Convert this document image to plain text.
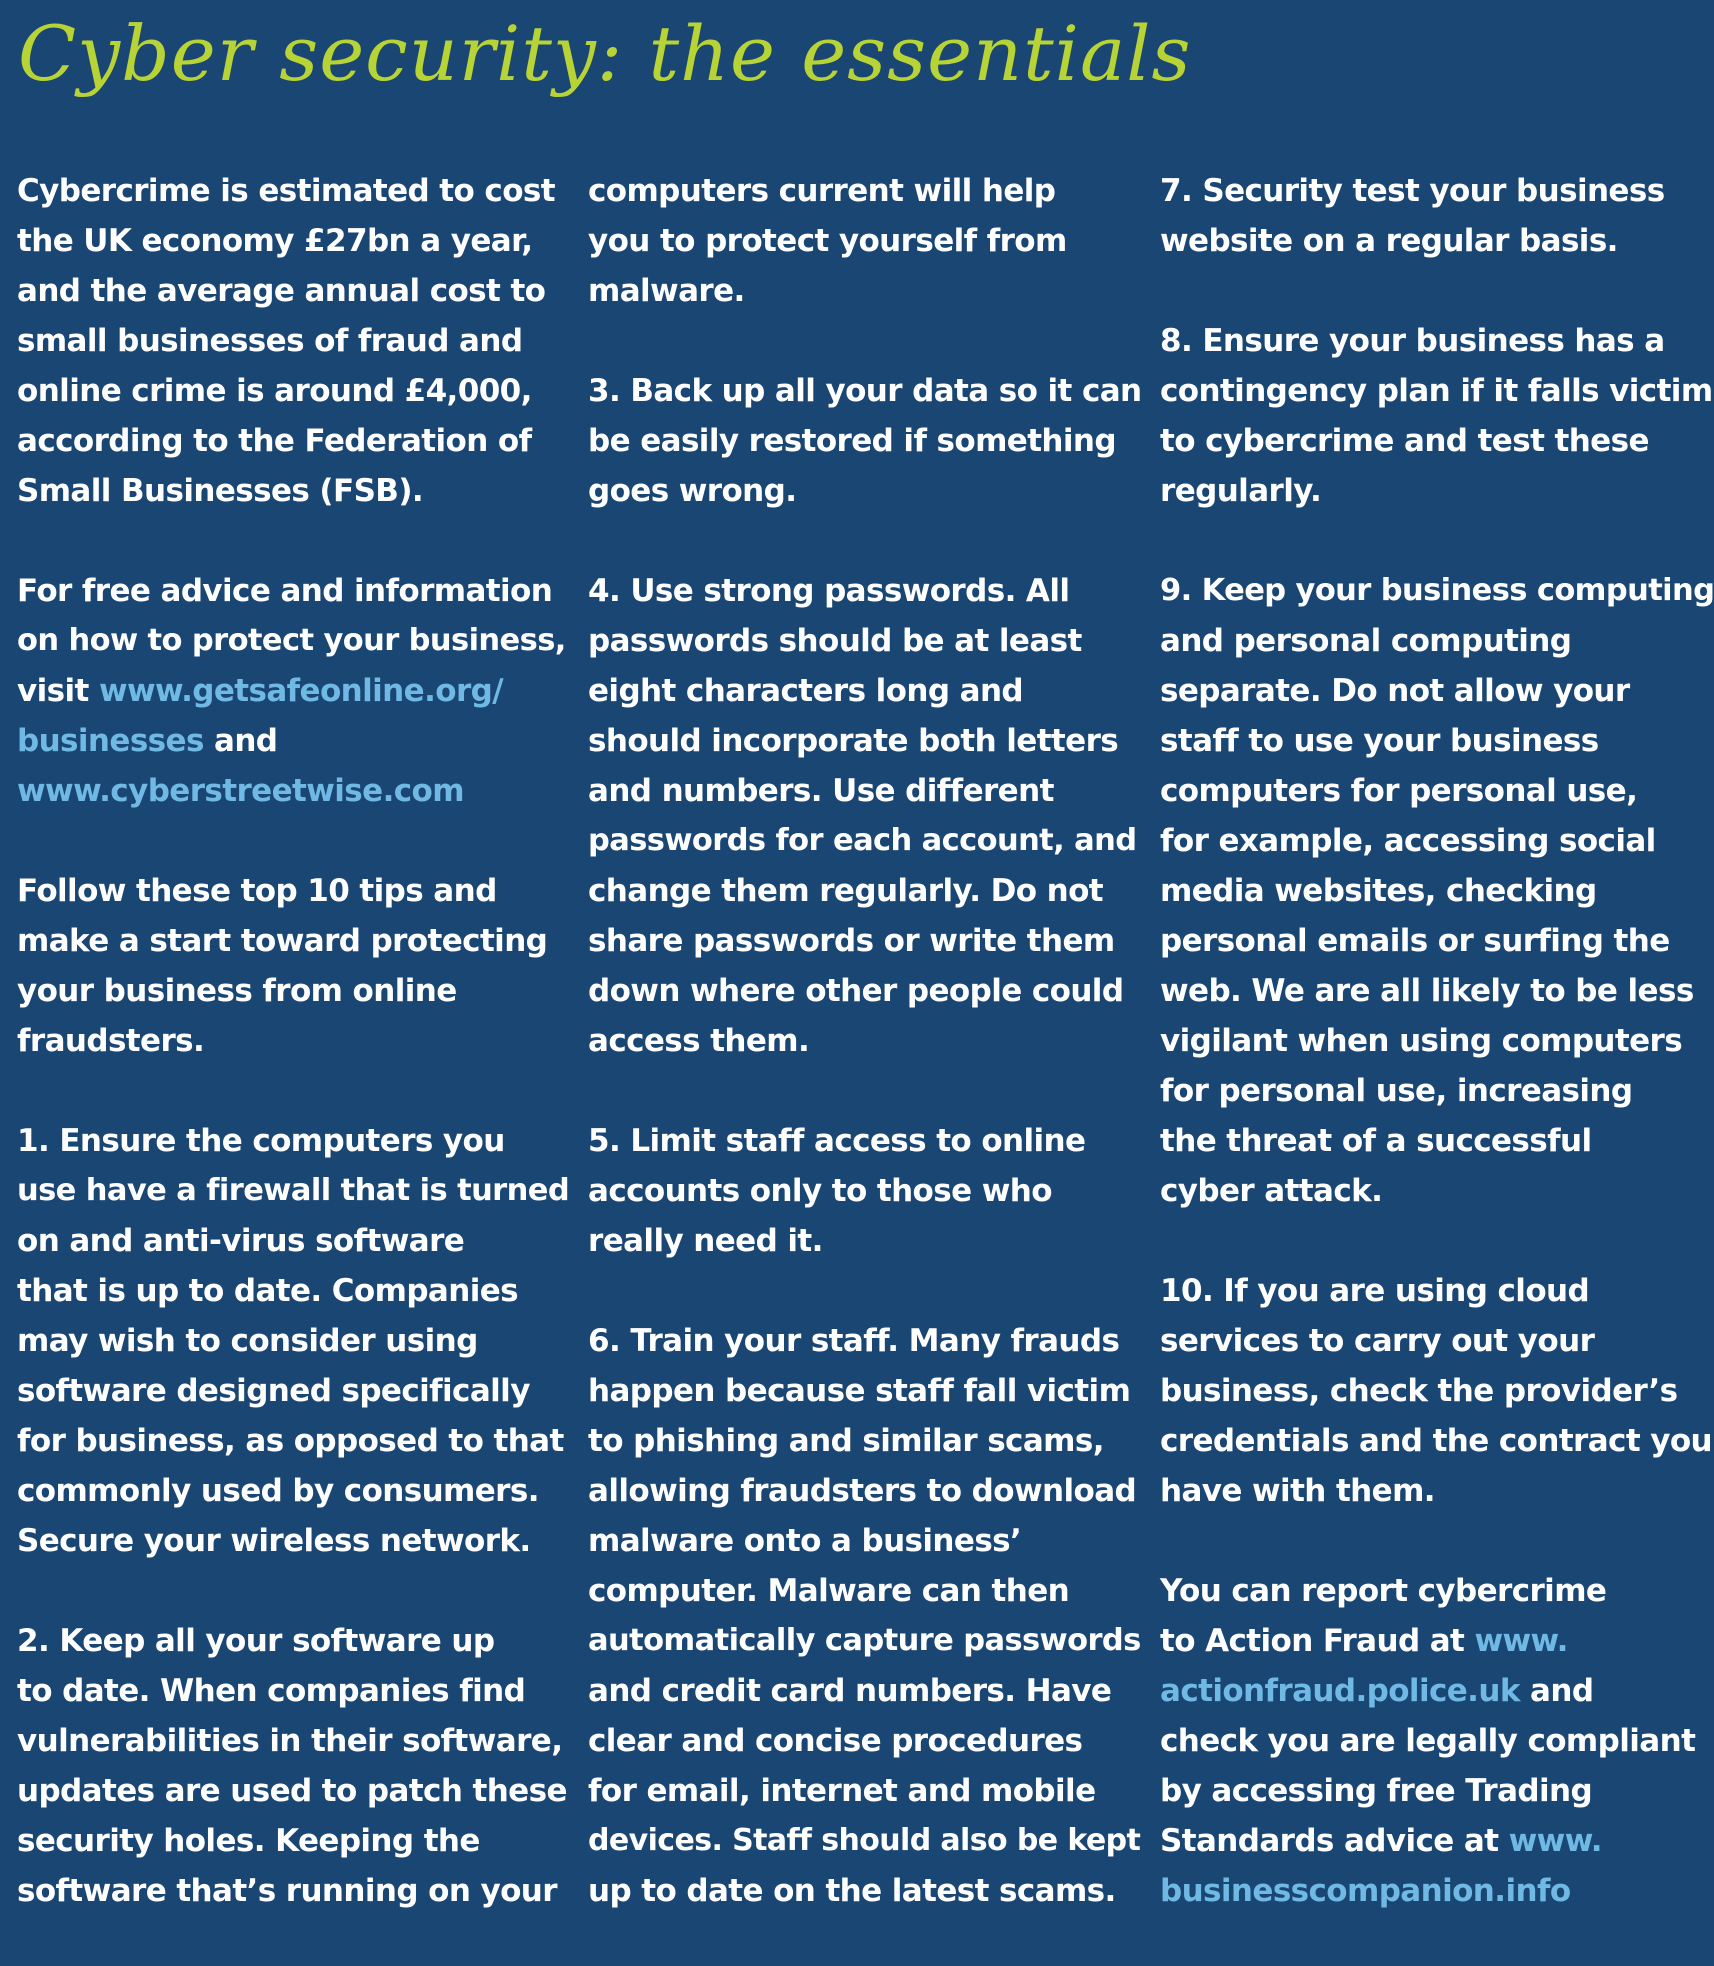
Cyber security: the essentials

Cybercrime is estimated to cost
the UK economy £27bn a year,
and the average annual cost to
small businesses of fraud and
online crime is around £4,000,
according to the Federation of
Small Businesses (FSB).

For free advice and information
on how to protect your business,
visit www.getsafeonline.org/
businesses and
www.cyberstreetwise.com

Follow these top 10 tips and
make a start toward protecting
your business from online
fraudsters.

1. Ensure the computers you
use have a firewall that is turned
on and anti-virus software
that is up to date. Companies
may wish to consider using
software designed specifically
for business, as opposed to that
commonly used by consumers.
Secure your wireless network.

2. Keep all your software up
to date. When companies find
vulnerabilities in their software,
updates are used to patch these
security holes. Keeping the
software that’s running on your

computers current will help
you to protect yourself from
malware.

3. Back up all your data so it can
be easily restored if something
goes wrong.

4. Use strong passwords. All
passwords should be at least
eight characters long and
should incorporate both letters
and numbers. Use different
passwords for each account, and
change them regularly. Do not
share passwords or write them
down where other people could
access them.

5. Limit staff access to online
accounts only to those who
really need it.

6. Train your staff. Many frauds
happen because staff fall victim
to phishing and similar scams,
allowing fraudsters to download
malware onto a business’
computer. Malware can then
automatically capture passwords
and credit card numbers. Have
clear and concise procedures
for email, internet and mobile
devices. Staff should also be kept
up to date on the latest scams.

7. Security test your business
website on a regular basis.

8. Ensure your business has a
contingency plan if it falls victim
to cybercrime and test these
regularly.

9. Keep your business computing
and personal computing
separate. Do not allow your
staff to use your business
computers for personal use,
for example, accessing social
media websites, checking
personal emails or surfing the
web. We are all likely to be less
vigilant when using computers
for personal use, increasing
the threat of a successful
cyber attack.

10. If you are using cloud
services to carry out your
business, check the provider’s
credentials and the contract you
have with them.

You can report cybercrime
to Action Fraud at www.
actionfraud.police.uk and
check you are legally compliant
by accessing free Trading
Standards advice at www.
businesscompanion.info
